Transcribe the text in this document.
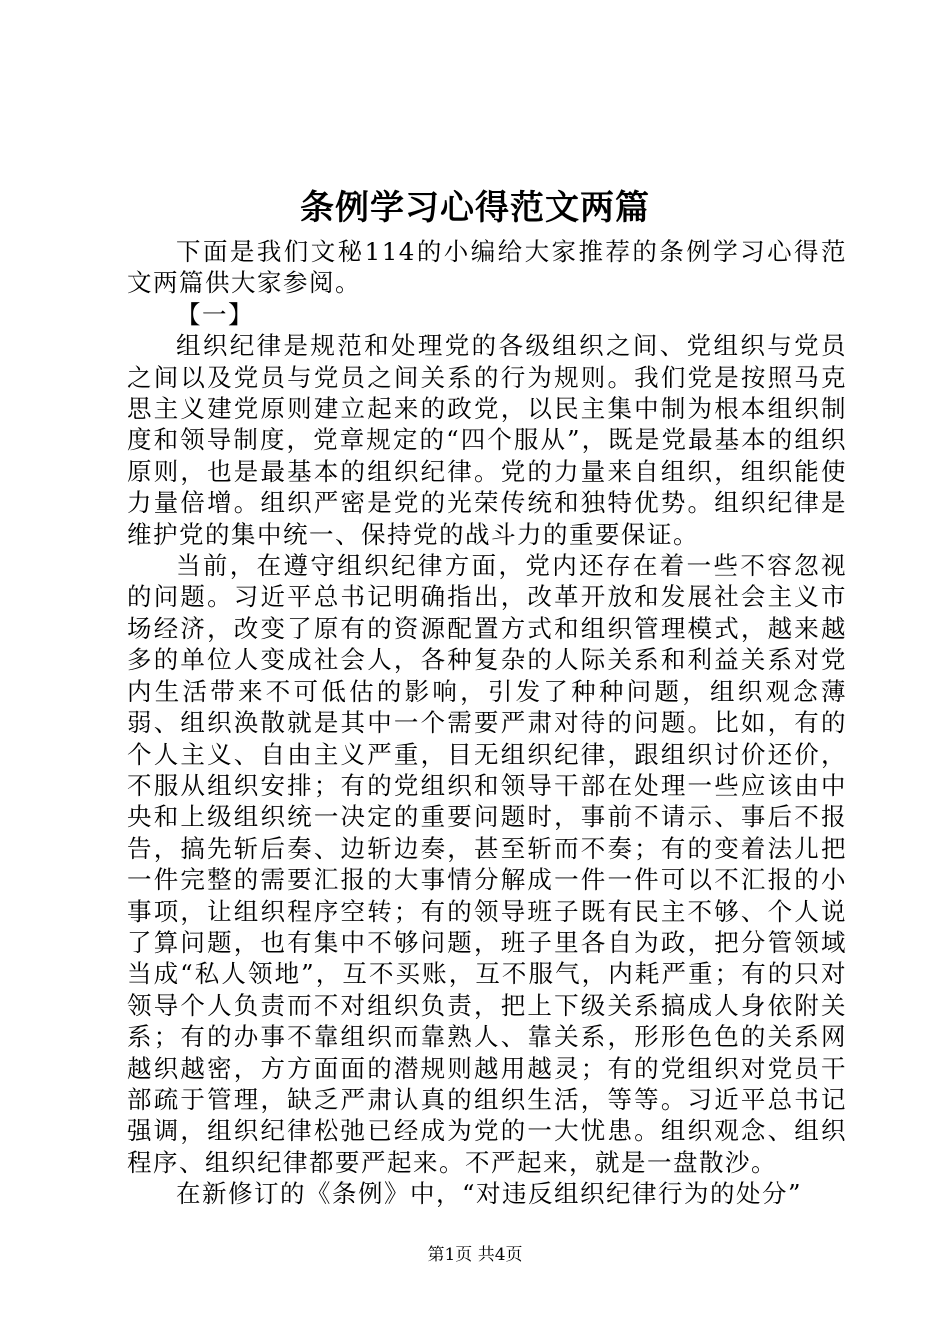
条例学习心得范文两篇

下面是我们文秘114的小编给大家推荐的条例学习心得范文两篇供大家参阅。

【一】

组织纪律是规范和处理党的各级组织之间、党组织与党员之间以及党员与党员之间关系的行为规则。我们党是按照马克思主义建党原则建立起来的政党，以民主集中制为根本组织制度和领导制度，党章规定的“四个服从”，既是党最基本的组织原则，也是最基本的组织纪律。党的力量来自组织，组织能使力量倍增。组织严密是党的光荣传统和独特优势。组织纪律是维护党的集中统一、保持党的战斗力的重要保证。

当前，在遵守组织纪律方面，党内还存在着一些不容忽视的问题。习近平总书记明确指出，改革开放和发展社会主义市场经济，改变了原有的资源配置方式和组织管理模式，越来越多的单位人变成社会人，各种复杂的人际关系和利益关系对党内生活带来不可低估的影响，引发了种种问题，组织观念薄弱、组织涣散就是其中一个需要严肃对待的问题。比如，有的个人主义、自由主义严重，目无组织纪律，跟组织讨价还价，不服从组织安排；有的党组织和领导干部在处理一些应该由中央和上级组织统一决定的重要问题时，事前不请示、事后不报告，搞先斩后奏、边斩边奏，甚至斩而不奏；有的变着法儿把一件完整的需要汇报的大事情分解成一件一件可以不汇报的小事项，让组织程序空转；有的领导班子既有民主不够、个人说了算问题，也有集中不够问题，班子里各自为政，把分管领域当成“私人领地”，互不买账，互不服气，内耗严重；有的只对领导个人负责而不对组织负责，把上下级关系搞成人身依附关系；有的办事不靠组织而靠熟人、靠关系，形形色色的关系网越织越密，方方面面的潜规则越用越灵；有的党组织对党员干部疏于管理，缺乏严肃认真的组织生活，等等。习近平总书记强调，组织纪律松弛已经成为党的一大忧患。组织观念、组织程序、组织纪律都要严起来。不严起来，就是一盘散沙。

在新修订的《条例》中，“对违反组织纪律行为的处分”

第1页 共4页
